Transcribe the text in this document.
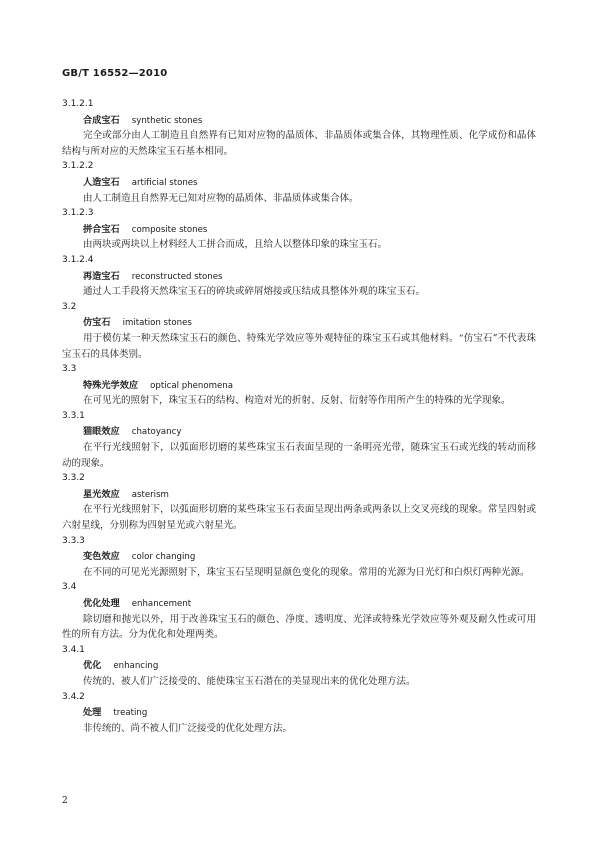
GB/T 16552—2010
3.1.2.1
合成宝石 synthetic stones
完全或部分由人工制造且自然界有已知对应物的晶质体、非晶质体或集合体，其物理性质、化学成份和晶体结构与所对应的天然珠宝玉石基本相同。
3.1.2.2
人造宝石 artificial stones
由人工制造且自然界无已知对应物的晶质体、非晶质体或集合体。
3.1.2.3
拼合宝石 composite stones
由两块或两块以上材料经人工拼合而成，且给人以整体印象的珠宝玉石。
3.1.2.4
再造宝石 reconstructed stones
通过人工手段将天然珠宝玉石的碎块或碎屑熔接或压结成具整体外观的珠宝玉石。
3.2
仿宝石 imitation stones
用于模仿某一种天然珠宝玉石的颜色、特殊光学效应等外观特征的珠宝玉石或其他材料。“仿宝石”不代表珠宝玉石的具体类别。
3.3
特殊光学效应 optical phenomena
在可见光的照射下，珠宝玉石的结构、构造对光的折射、反射、衍射等作用所产生的特殊的光学现象。
3.3.1
猫眼效应 chatoyancy
在平行光线照射下，以弧面形切磨的某些珠宝玉石表面呈现的一条明亮光带，随珠宝玉石或光线的转动而移动的现象。
3.3.2
星光效应 asterism
在平行光线照射下，以弧面形切磨的某些珠宝玉石表面呈现出两条或两条以上交叉亮线的现象。常呈四射或六射星线，分别称为四射星光或六射星光。
3.3.3
变色效应 color changing
在不同的可见光光源照射下，珠宝玉石呈现明显颜色变化的现象。常用的光源为日光灯和白炽灯两种光源。
3.4
优化处理 enhancement
除切磨和抛光以外，用于改善珠宝玉石的颜色、净度、透明度、光泽或特殊光学效应等外观及耐久性或可用性的所有方法。分为优化和处理两类。
3.4.1
优化 enhancing
传统的、被人们广泛接受的、能使珠宝玉石潜在的美显现出来的优化处理方法。
3.4.2
处理 treating
非传统的、尚不被人们广泛接受的优化处理方法。
2
